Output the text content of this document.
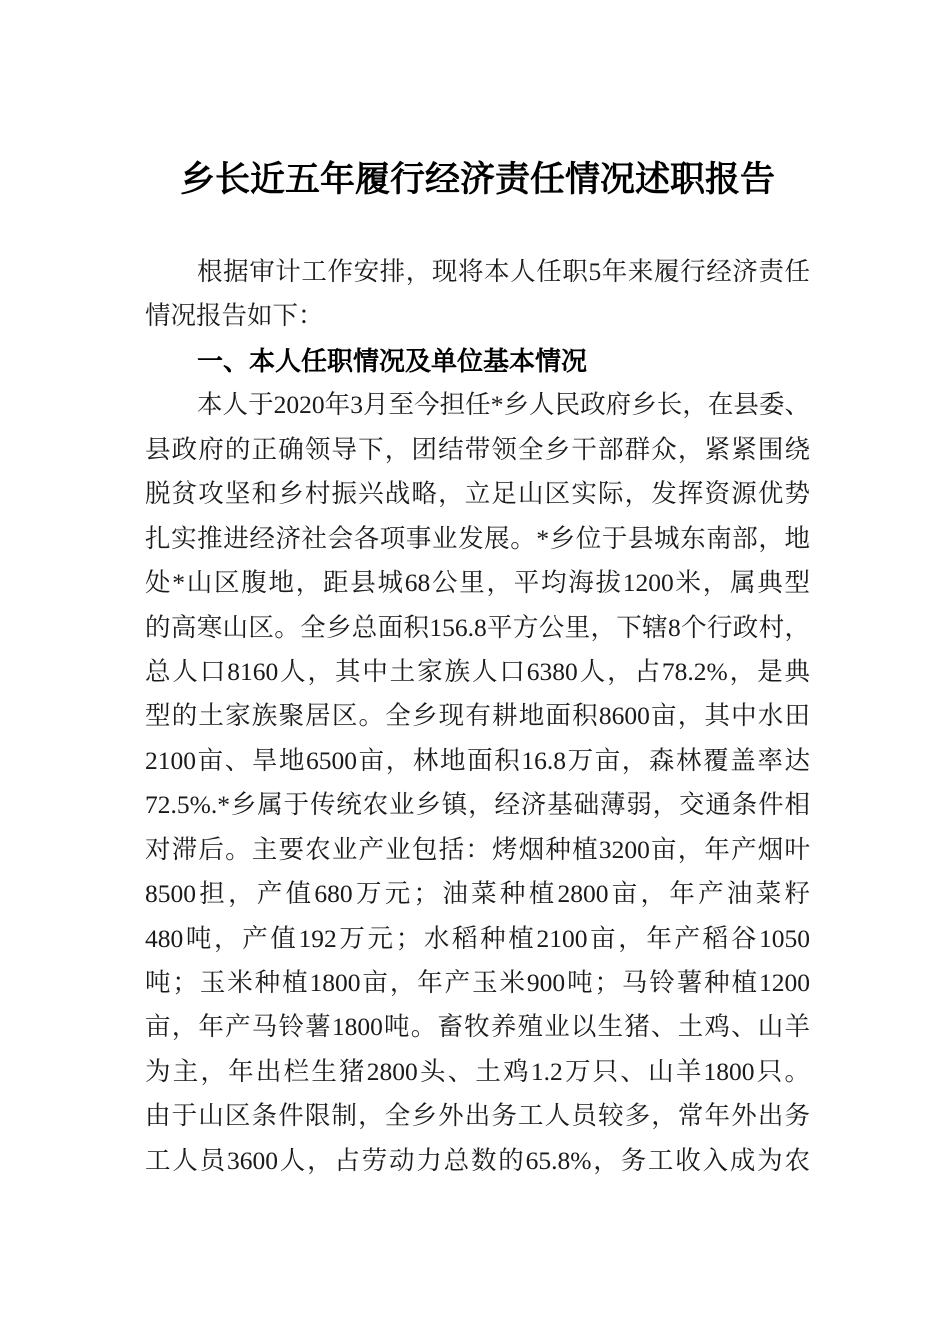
乡长近五年履行经济责任情况述职报告
根据审计工作安排，现将本人任职5年来履行经济责任
情况报告如下：
一、本人任职情况及单位基本情况
本人于2020年3月至今担任*乡人民政府乡长，在县委、
县政府的正确领导下，团结带领全乡干部群众，紧紧围绕
脱贫攻坚和乡村振兴战略，立足山区实际，发挥资源优势
扎实推进经济社会各项事业发展。*乡位于县城东南部，地
处*山区腹地，距县城68公里，平均海拔1200米，属典型
的高寒山区。全乡总面积156.8平方公里，下辖8个行政村，
总人口8160人，其中土家族人口6380人，占78.2%，是典
型的土家族聚居区。全乡现有耕地面积8600亩，其中水田
2100亩、旱地6500亩，林地面积16.8万亩，森林覆盖率达
72.5%.*乡属于传统农业乡镇，经济基础薄弱，交通条件相
对滞后。主要农业产业包括：烤烟种植3200亩，年产烟叶
8500担，产值680万元；油菜种植2800亩，年产油菜籽
480吨，产值192万元；水稻种植2100亩，年产稻谷1050
吨；玉米种植1800亩，年产玉米900吨；马铃薯种植1200
亩，年产马铃薯1800吨。畜牧养殖业以生猪、土鸡、山羊
为主，年出栏生猪2800头、土鸡1.2万只、山羊1800只。
由于山区条件限制，全乡外出务工人员较多，常年外出务
工人员3600人，占劳动力总数的65.8%，务工收入成为农
